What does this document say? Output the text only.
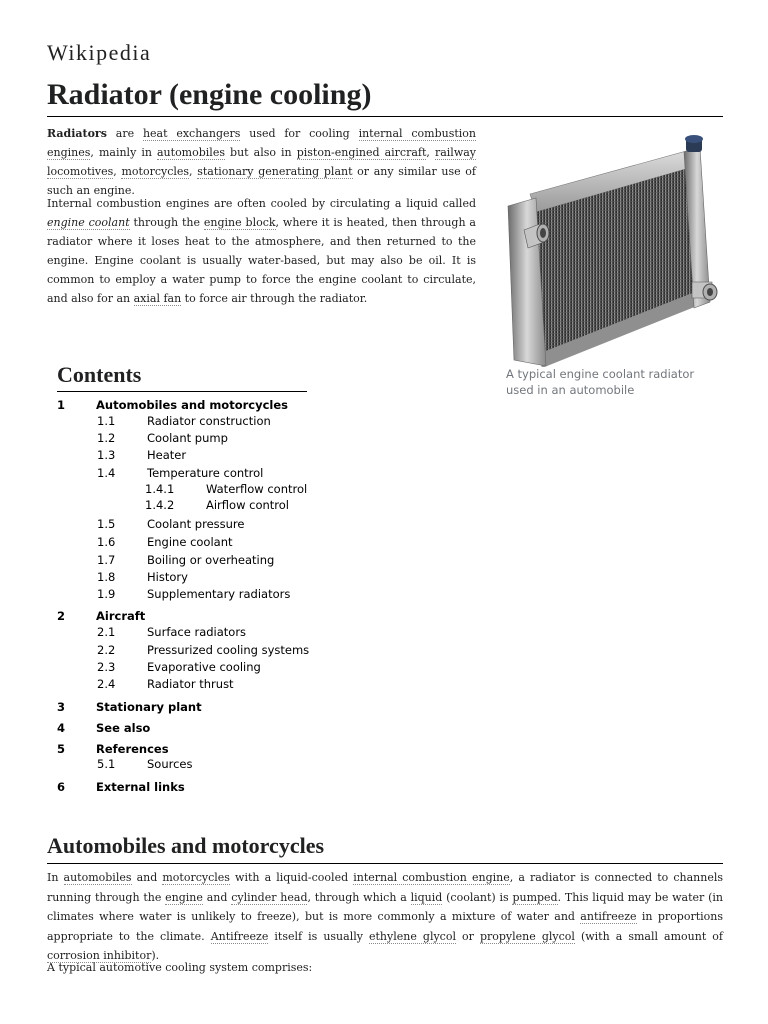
Wikipedia
Radiator (engine cooling)

Radiators are heat exchangers used for cooling internal combustion engines, mainly in automobiles but also in piston-engined aircraft, railway locomotives, motorcycles, stationary generating plant or any similar use of such an engine.

Internal combustion engines are often cooled by circulating a liquid called engine coolant through the engine block, where it is heated, then through a radiator where it loses heat to the atmosphere, and then returned to the engine. Engine coolant is usually water-based, but may also be oil. It is common to employ a water pump to force the engine coolant to circulate, and also for an axial fan to force air through the radiator.

A typical engine coolant radiator used in an automobile
Contents
1	Automobiles and motorcycles
1.1	Radiator construction
1.2	Coolant pump
1.3	Heater
1.4	Temperature control
1.4.1	Waterflow control
1.4.2	Airflow control
1.5	Coolant pressure
1.6	Engine coolant
1.7	Boiling or overheating
1.8	History
1.9	Supplementary radiators
2	Aircraft
2.1	Surface radiators
2.2	Pressurized cooling systems
2.3	Evaporative cooling
2.4	Radiator thrust
3	Stationary plant
4	See also
5	References
5.1	Sources
6	External links
Automobiles and motorcycles

In automobiles and motorcycles with a liquid-cooled internal combustion engine, a radiator is connected to channels running through the engine and cylinder head, through which a liquid (coolant) is pumped. This liquid may be water (in climates where water is unlikely to freeze), but is more commonly a mixture of water and antifreeze in proportions appropriate to the climate. Antifreeze itself is usually ethylene glycol or propylene glycol (with a small amount of corrosion inhibitor).

A typical automotive cooling system comprises:
